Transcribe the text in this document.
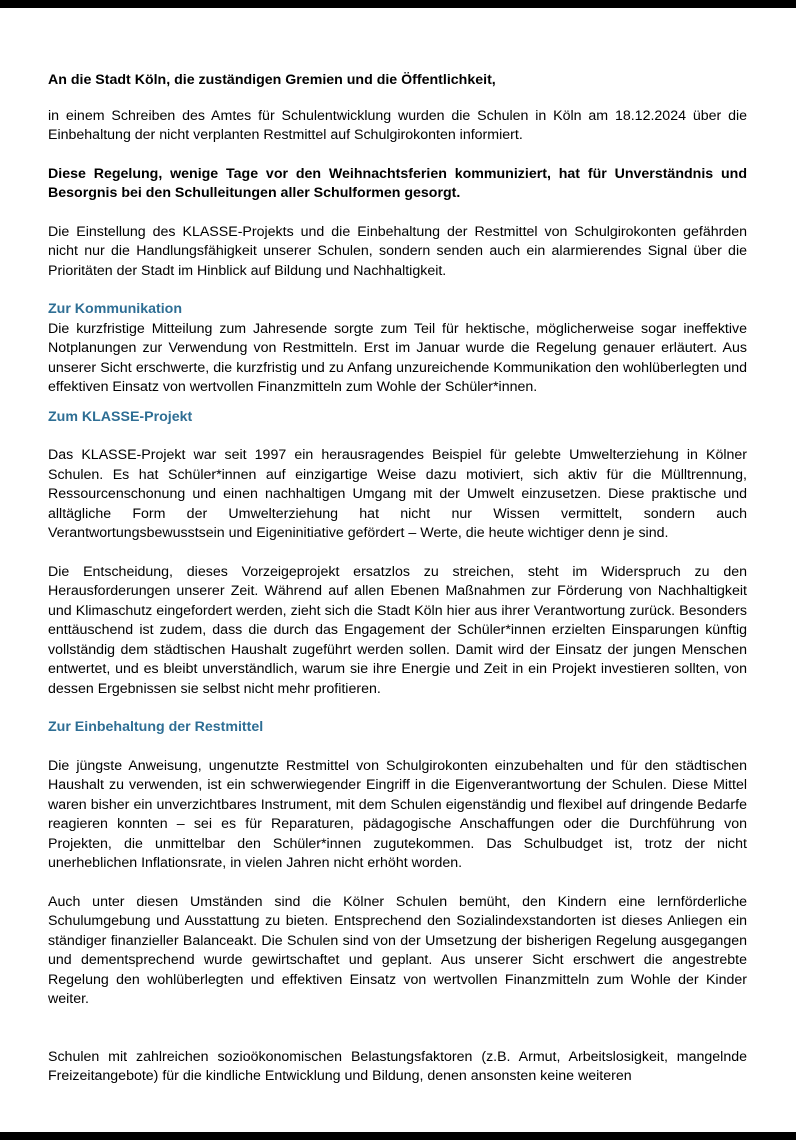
An die Stadt Köln, die zuständigen Gremien und die Öffentlichkeit,

in einem Schreiben des Amtes für Schulentwicklung wurden die Schulen in Köln am 18.12.2024 über die Einbehaltung der nicht verplanten Restmittel auf Schulgirokonten informiert.

Diese Regelung, wenige Tage vor den Weihnachtsferien kommuniziert, hat für Unverständnis und Besorgnis bei den Schulleitungen aller Schulformen gesorgt.

Die Einstellung des KLASSE-Projekts und die Einbehaltung der Restmittel von Schulgirokonten gefährden nicht nur die Handlungsfähigkeit unserer Schulen, sondern senden auch ein alarmierendes Signal über die Prioritäten der Stadt im Hinblick auf Bildung und Nachhaltigkeit.

Zur Kommunikation

Die kurzfristige Mitteilung zum Jahresende sorgte zum Teil für hektische, möglicherweise sogar ineffektive Notplanungen zur Verwendung von Restmitteln. Erst im Januar wurde die Regelung genauer erläutert. Aus unserer Sicht erschwerte, die kurzfristig und zu Anfang unzureichende Kommunikation den wohlüberlegten und effektiven Einsatz von wertvollen Finanzmitteln zum Wohle der Schüler*innen.

Zum KLASSE-Projekt

Das KLASSE-Projekt war seit 1997 ein herausragendes Beispiel für gelebte Umwelterziehung in Kölner Schulen. Es hat Schüler*innen auf einzigartige Weise dazu motiviert, sich aktiv für die Mülltrennung, Ressourcenschonung und einen nachhaltigen Umgang mit der Umwelt einzusetzen. Diese praktische und alltägliche Form der Umwelterziehung hat nicht nur Wissen vermittelt, sondern auch Verantwortungsbewusstsein und Eigeninitiative gefördert – Werte, die heute wichtiger denn je sind.

Die Entscheidung, dieses Vorzeigeprojekt ersatzlos zu streichen, steht im Widerspruch zu den Herausforderungen unserer Zeit. Während auf allen Ebenen Maßnahmen zur Förderung von Nachhaltigkeit und Klimaschutz eingefordert werden, zieht sich die Stadt Köln hier aus ihrer Verantwortung zurück. Besonders enttäuschend ist zudem, dass die durch das Engagement der Schüler*innen erzielten Einsparungen künftig vollständig dem städtischen Haushalt zugeführt werden sollen. Damit wird der Einsatz der jungen Menschen entwertet, und es bleibt unverständlich, warum sie ihre Energie und Zeit in ein Projekt investieren sollten, von dessen Ergebnissen sie selbst nicht mehr profitieren.

Zur Einbehaltung der Restmittel

Die jüngste Anweisung, ungenutzte Restmittel von Schulgirokonten einzubehalten und für den städtischen Haushalt zu verwenden, ist ein schwerwiegender Eingriff in die Eigenverantwortung der Schulen. Diese Mittel waren bisher ein unverzichtbares Instrument, mit dem Schulen eigenständig und flexibel auf dringende Bedarfe reagieren konnten – sei es für Reparaturen, pädagogische Anschaffungen oder die Durchführung von Projekten, die unmittelbar den Schüler*innen zugutekommen. Das Schulbudget ist, trotz der nicht unerheblichen Inflationsrate, in vielen Jahren nicht erhöht worden.

Auch unter diesen Umständen sind die Kölner Schulen bemüht, den Kindern eine lernförderliche Schulumgebung und Ausstattung zu bieten. Entsprechend den Sozialindexstandorten ist dieses Anliegen ein ständiger finanzieller Balanceakt. Die Schulen sind von der Umsetzung der bisherigen Regelung ausgegangen und dementsprechend wurde gewirtschaftet und geplant. Aus unserer Sicht erschwert die angestrebte Regelung den wohlüberlegten und effektiven Einsatz von wertvollen Finanzmitteln zum Wohle der Kinder weiter.

Schulen mit zahlreichen sozioökonomischen Belastungsfaktoren (z.B. Armut, Arbeitslosigkeit, mangelnde Freizeitangebote) für die kindliche Entwicklung und Bildung, denen ansonsten keine weiteren
